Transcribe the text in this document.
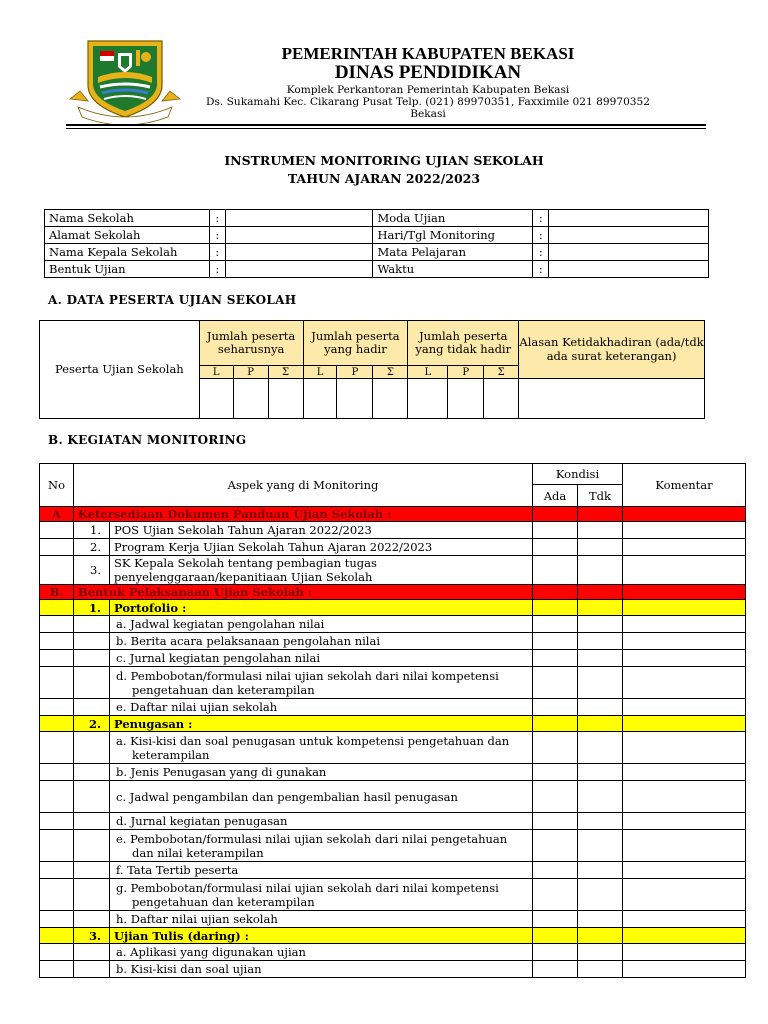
PEMERINTAH KABUPATEN BEKASI
DINAS PENDIDIKAN
Komplek Perkantoran Pemerintah Kabupaten Bekasi
Ds. Sukamahi Kec. Cikarang Pusat Telp. (021) 89970351, Faxximile 021 89970352
Bekasi
INSTRUMEN MONITORING UJIAN SEKOLAH
TAHUN AJARAN 2022/2023
Nama Sekolah	:		Moda Ujian	:	
Alamat Sekolah	:		Hari/Tgl Monitoring	:	
Nama Kepala Sekolah	:		Mata Pelajaran	:	
Bentuk Ujian	:		Waktu	:	
A. DATA PESERTA UJIAN SEKOLAH
Peserta Ujian Sekolah	Jumlah peserta seharusnya			Jumlah peserta yang hadir			Jumlah peserta yang tidak hadir			Alasan Ketidakhadiran (ada/tdk ada surat keterangan)
	L	P	Σ	L	P	Σ	L	P	Σ	

B. KEGIATAN MONITORING
No	Aspek yang di Monitoring		Kondisi		Komentar
			Ada	Tdk	
A	Ketersediaan Dokumen Panduan Ujian Sekolah :				
	1.	POS Ujian Sekolah Tahun Ajaran 2022/2023			
	2.	Program Kerja Ujian Sekolah Tahun Ajaran 2022/2023			
	3.	SK Kepala Sekolah tentang pembagian tugas penyelenggaraan/kepanitiaan Ujian Sekolah			
B.	Bentuk Pelaksanaan Ujian Sekolah :				
	1.	Portofolio :			

		a. Jadwal kegiatan pengolahan nilai			

		b. Berita acara pelaksanaan pengolahan nilai			

		c. Jurnal kegiatan pengolahan nilai			

		d. Pembobotan/formulasi nilai ujian sekolah dari nilai kompetensi pengetahuan dan keterampilan			

		e. Daftar nilai ujian sekolah			

	2.	Penugasan :			

		a. Kisi-kisi dan soal penugasan untuk kompetensi pengetahuan dan keterampilan			

		b. Jenis Penugasan yang di gunakan			

		c. Jadwal pengambilan dan pengembalian hasil penugasan			

		d. Jurnal kegiatan penugasan			

		e. Pembobotan/formulasi nilai ujian sekolah dari nilai pengetahuan dan nilai keterampilan			

		f. Tata Tertib peserta			

		g. Pembobotan/formulasi nilai ujian sekolah dari nilai kompetensi pengetahuan dan keterampilan			

		h. Daftar nilai ujian sekolah			

	3.	Ujian Tulis (daring) :			

		a. Aplikasi yang digunakan ujian			

		b. Kisi-kisi dan soal ujian			
